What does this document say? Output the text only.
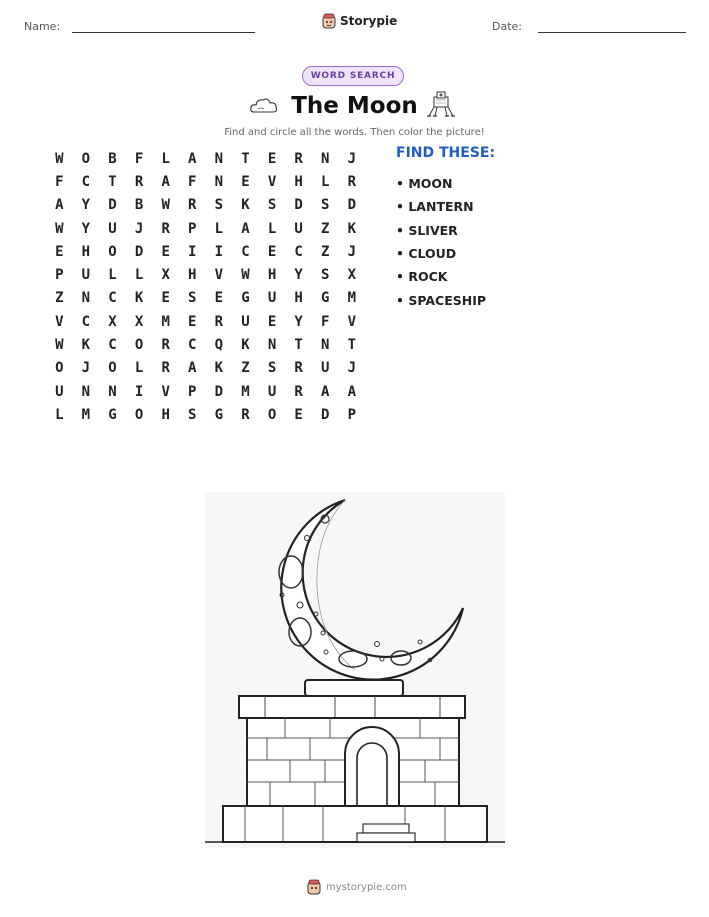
Name:	Storypie	Date:
WORD SEARCH
The Moon
Find and circle all the words. Then color the picture!
W	O	B	F	L	A	N	T	E	R	N	J
F	C	T	R	A	F	N	E	V	H	L	R
A	Y	D	B	W	R	S	K	S	D	S	D
W	Y	U	J	R	P	L	A	L	U	Z	K
E	H	O	D	E	I	I	C	E	C	Z	J
P	U	L	L	X	H	V	W	H	Y	S	X
Z	N	C	K	E	S	E	G	U	H	G	M
V	C	X	X	M	E	R	U	E	Y	F	V
W	K	C	O	R	C	Q	K	N	T	N	T
O	J	O	L	R	A	K	Z	S	R	U	J
U	N	N	I	V	P	D	M	U	R	A	A
L	M	G	O	H	S	G	R	O	E	D	P
FIND THESE:
• MOON
• LANTERN
• SLIVER
• CLOUD
• ROCK
• SPACESHIP
mystorypie.com
